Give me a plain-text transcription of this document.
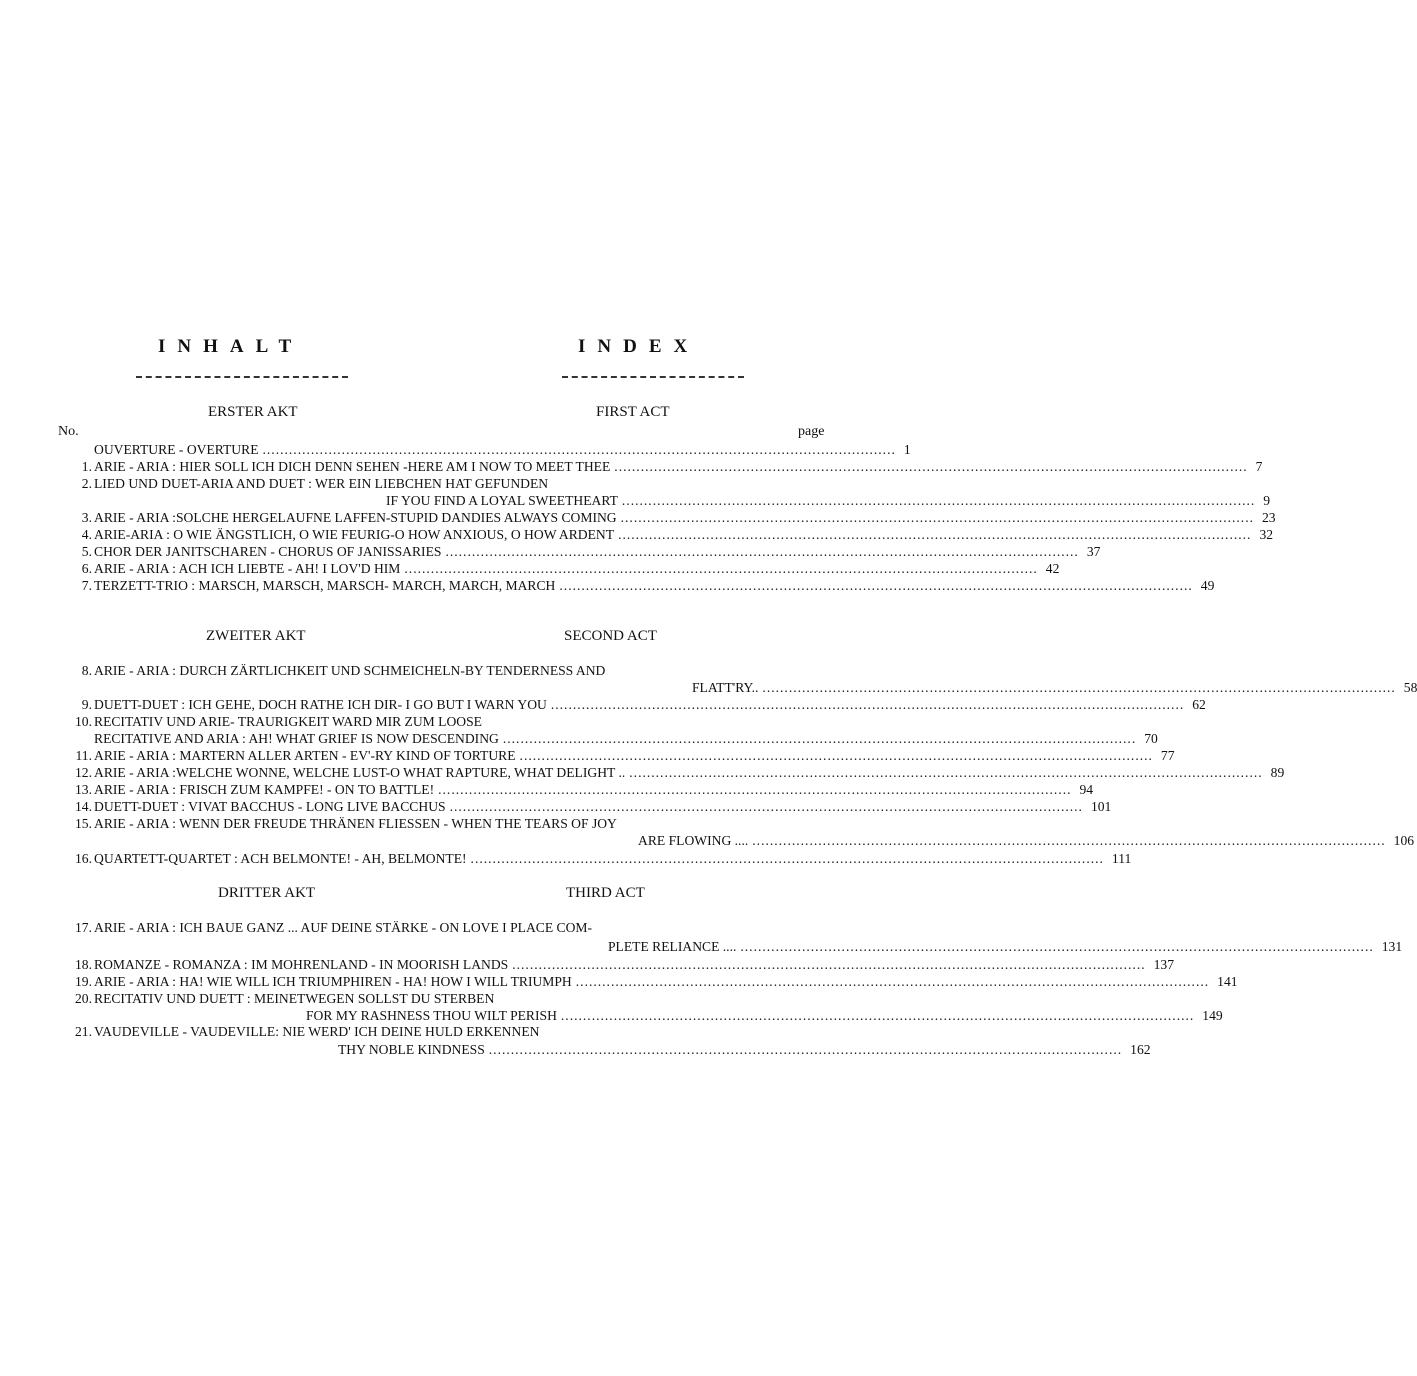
INHALT	INDEX
ERSTER AKT	FIRST ACT
No.	page
ZWEITER AKT	SECOND ACT
DRITTER AKT	THIRD ACT
OUVERTURE - OVERTURE .....	1
1. ARIE - ARIA : HIER SOLL ICH DICH DENN SEHEN -HERE AM I NOW TO MEET THEE .....	7
2. LIED UND DUET-ARIA AND DUET : WER EIN LIEBCHEN HAT GEFUNDEN
IF YOU FIND A LOYAL SWEETHEART .....	9
3. ARIE - ARIA :SOLCHE HERGELAUFNE LAFFEN-STUPID DANDIES ALWAYS COMING .....	23
4. ARIE-ARIA : O WIE ÄNGSTLICH, O WIE FEURIG-O HOW ANXIOUS, O HOW ARDENT .....	32
5. CHOR DER JANITSCHAREN - CHORUS OF JANISSARIES .....	37
6. ARIE - ARIA : ACH ICH LIEBTE - AH! I LOV'D HIM .....	42
7. TERZETT-TRIO : MARSCH, MARSCH, MARSCH- MARCH, MARCH, MARCH .....	49
8. ARIE - ARIA : DURCH ZÄRTLICHKEIT UND SCHMEICHELN-BY TENDERNESS AND
FLATT'RY.. .....	58
9. DUETT-DUET : ICH GEHE, DOCH RATHE ICH DIR- I GO BUT I WARN YOU .....	62
10. RECITATIV UND ARIE- TRAURIGKEIT WARD MIR ZUM LOOSE
RECITATIVE AND ARIA : AH! WHAT GRIEF IS NOW DESCENDING .....	70
11. ARIE - ARIA : MARTERN ALLER ARTEN - EV'-RY KIND OF TORTURE .....	77
12. ARIE - ARIA :WELCHE WONNE, WELCHE LUST-O WHAT RAPTURE, WHAT DELIGHT .. .....	89
13. ARIE - ARIA : FRISCH ZUM KAMPFE! - ON TO BATTLE! .....	94
14. DUETT-DUET : VIVAT BACCHUS - LONG LIVE BACCHUS .....	101
15. ARIE - ARIA : WENN DER FREUDE THRÄNEN FLIESSEN - WHEN THE TEARS OF JOY
ARE FLOWING .... .....	106
16. QUARTETT-QUARTET : ACH BELMONTE! - AH, BELMONTE! .....	111
17. ARIE - ARIA : ICH BAUE GANZ ... AUF DEINE STÄRKE - ON LOVE I PLACE COM-
PLETE RELIANCE .... .....	131
18. ROMANZE - ROMANZA : IM MOHRENLAND - IN MOORISH LANDS .....	137
19. ARIE - ARIA : HA! WIE WILL ICH TRIUMPHIREN - HA! HOW I WILL TRIUMPH .....	141
20. RECITATIV UND DUETT : MEINETWEGEN SOLLST DU STERBEN
FOR MY RASHNESS THOU WILT PERISH .....	149
21. VAUDEVILLE - VAUDEVILLE: NIE WERD' ICH DEINE HULD ERKENNEN
THY NOBLE KINDNESS .....	162
